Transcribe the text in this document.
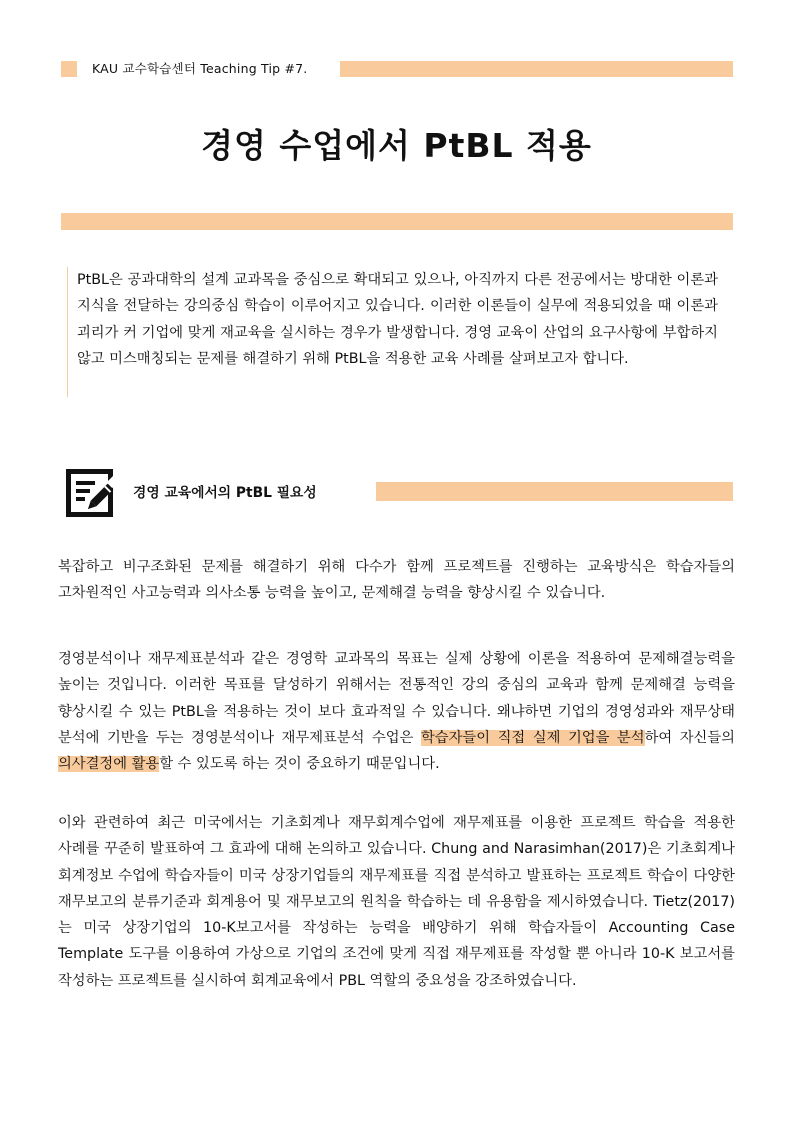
KAU 교수학습센터 Teaching Tip #7.
경영 수업에서 PtBL 적용

PtBL은 공과대학의 설계 교과목을 중심으로 확대되고 있으나, 아직까지 다른 전공에서는 방대한 이론과 지식을 전달하는 강의중심 학습이 이루어지고 있습니다. 이러한 이론들이 실무에 적용되었을 때 이론과 괴리가 커 기업에 맞게 재교육을 실시하는 경우가 발생합니다. 경영 교육이 산업의 요구사항에 부합하지 않고 미스매칭되는 문제를 해결하기 위해 PtBL을 적용한 교육 사례를 살펴보고자 합니다.

경영 교육에서의 PtBL 필요성

복잡하고 비구조화된 문제를 해결하기 위해 다수가 함께 프로젝트를 진행하는 교육방식은 학습자들의 고차원적인 사고능력과 의사소통 능력을 높이고, 문제해결 능력을 향상시킬 수 있습니다.

경영분석이나 재무제표분석과 같은 경영학 교과목의 목표는 실제 상황에 이론을 적용하여 문제해결능력을 높이는 것입니다. 이러한 목표를 달성하기 위해서는 전통적인 강의 중심의 교육과 함께 문제해결 능력을 향상시킬 수 있는 PtBL을 적용하는 것이 보다 효과적일 수 있습니다. 왜냐하면 기업의 경영성과와 재무상태 분석에 기반을 두는 경영분석이나 재무제표분석 수업은 학습자들이 직접 실제 기업을 분석하여 자신들의 의사결정에 활용할 수 있도록 하는 것이 중요하기 때문입니다.

이와 관련하여 최근 미국에서는 기초회계나 재무회계수업에 재무제표를 이용한 프로젝트 학습을 적용한 사례를 꾸준히 발표하여 그 효과에 대해 논의하고 있습니다. Chung and Narasimhan(2017)은 기초회계나 회계정보 수업에 학습자들이 미국 상장기업들의 재무제표를 직접 분석하고 발표하는 프로젝트 학습이 다양한 재무보고의 분류기준과 회계용어 및 재무보고의 원칙을 학습하는 데 유용함을 제시하였습니다. Tietz(2017)는 미국 상장기업의 10-K보고서를 작성하는 능력을 배양하기 위해 학습자들이 Accounting Case Template 도구를 이용하여 가상으로 기업의 조건에 맞게 직접 재무제표를 작성할 뿐 아니라 10-K 보고서를 작성하는 프로젝트를 실시하여 회계교육에서 PBL 역할의 중요성을 강조하였습니다.
